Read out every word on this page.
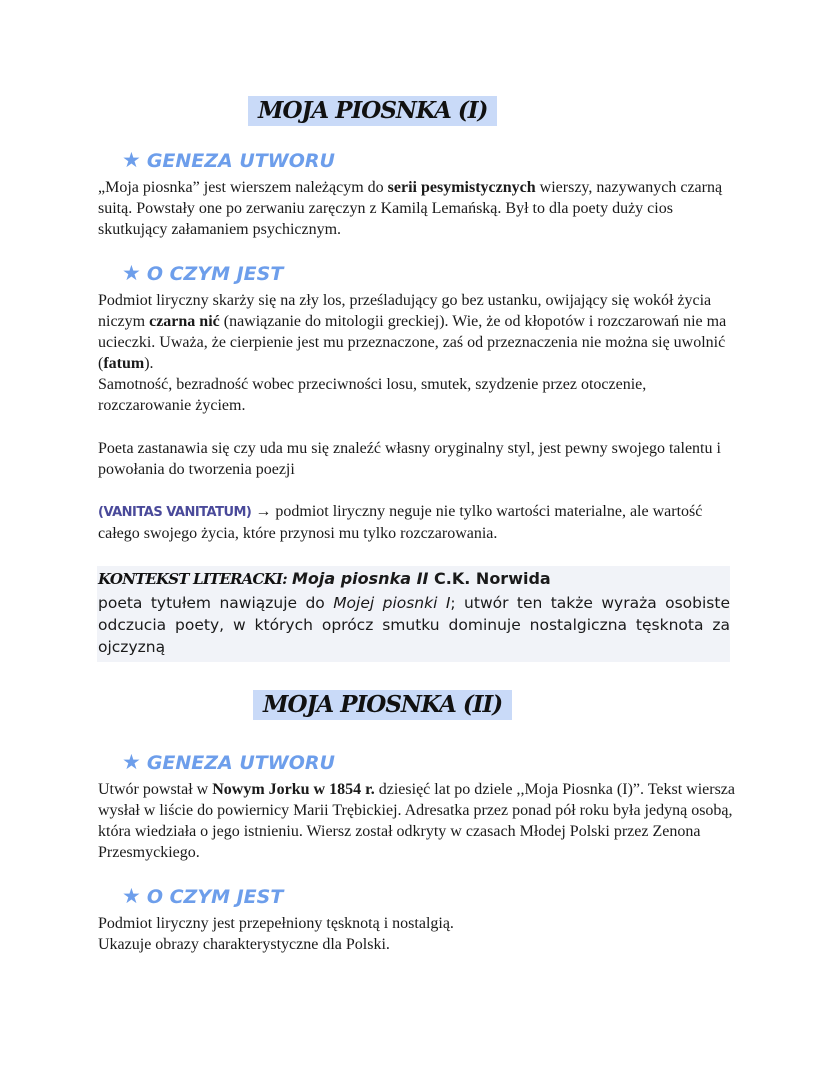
MOJA PIOSNKA (I)
★ GENEZA UTWORU

„Moja piosnka” jest wierszem należącym do serii pesymistycznych wierszy, nazywanych czarną suitą. Powstały one po zerwaniu zaręczyn z Kamilą Lemańską. Był to dla poety duży cios skutkujący załamaniem psychicznym.

★ O CZYM JEST

Podmiot liryczny skarży się na zły los, prześladujący go bez ustanku, owijający się wokół życia niczym czarna nić (nawiązanie do mitologii greckiej). Wie, że od kłopotów i rozczarowań nie ma ucieczki. Uważa, że cierpienie jest mu przeznaczone, zaś od przeznaczenia nie można się uwolnić (fatum).
Samotność, bezradność wobec przeciwności losu, smutek, szydzenie przez otoczenie, rozczarowanie życiem.

Poeta zastanawia się czy uda mu się znaleźć własny oryginalny styl, jest pewny swojego talentu i powołania do tworzenia poezji

(VANITAS VANITATUM) → podmiot liryczny neguje nie tylko wartości materialne, ale wartość całego swojego życia, które przynosi mu tylko rozczarowania.

KONTEKST LITERACKI: Moja piosnka II C.K. Norwida

poeta tytułem nawiązuje do Mojej piosnki I; utwór ten także wyraża osobiste odczucia poety, w których oprócz smutku dominuje nostalgiczna tęsknota za ojczyzną

MOJA PIOSNKA (II)
★ GENEZA UTWORU

Utwór powstał w Nowym Jorku w 1854 r. dziesięć lat po dziele ,,Moja Piosnka (I)”. Tekst wiersza wysłał w liście do powiernicy Marii Trębickiej. Adresatka przez ponad pół roku była jedyną osobą, która wiedziała o jego istnieniu. Wiersz został odkryty w czasach Młodej Polski przez Zenona Przesmyckiego.

★ O CZYM JEST

Podmiot liryczny jest przepełniony tęsknotą i nostalgią.
Ukazuje obrazy charakterystyczne dla Polski.
